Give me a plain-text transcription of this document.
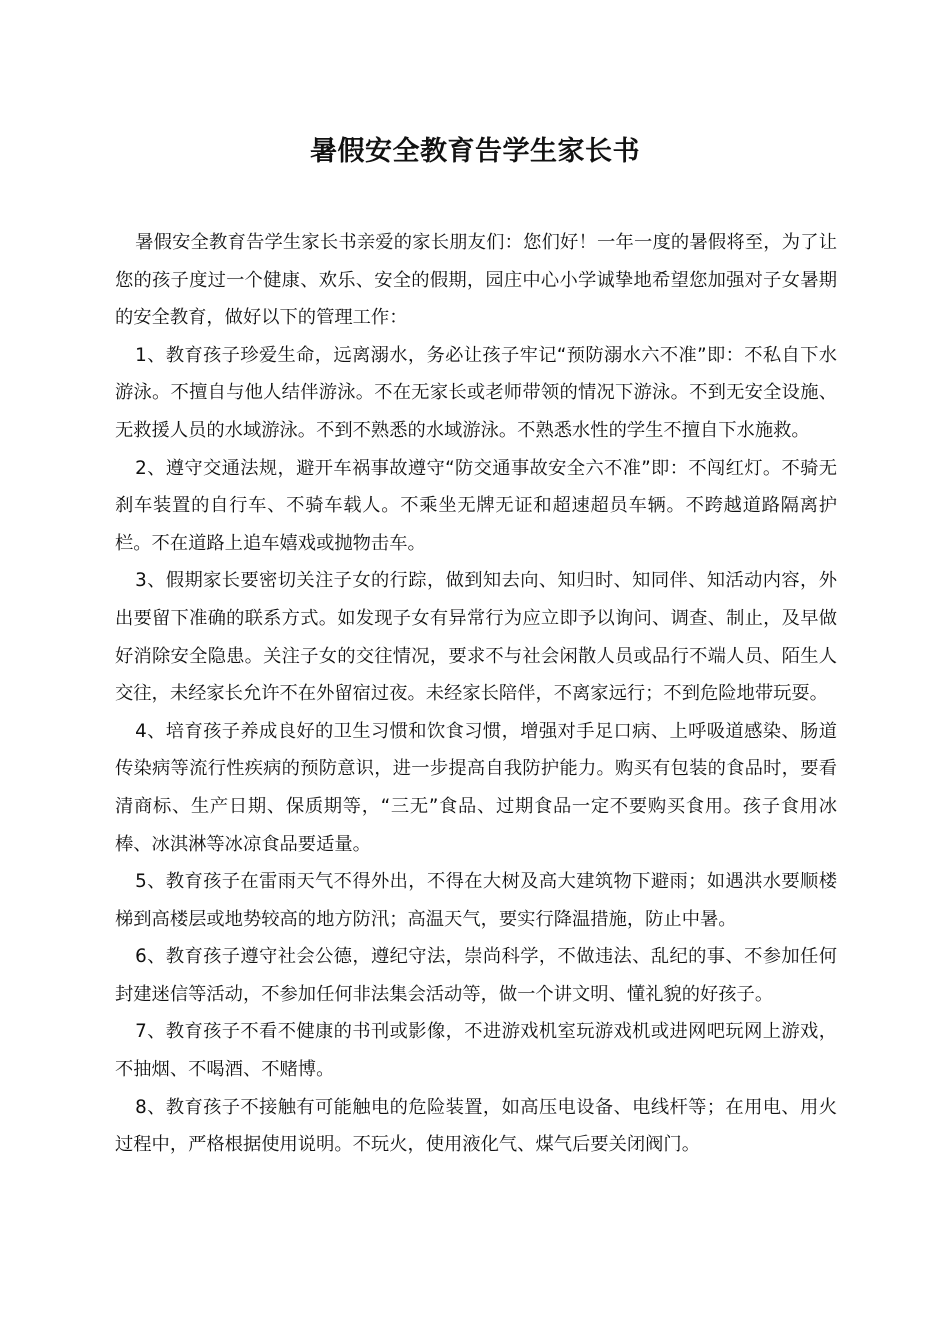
暑假安全教育告学生家长书

暑假安全教育告学生家长书亲爱的家长朋友们：您们好！一年一度的暑假将至，为了让您的孩子度过一个健康、欢乐、安全的假期，园庄中心小学诚挚地希望您加强对子女暑期的安全教育，做好以下的管理工作：

1、教育孩子珍爱生命，远离溺水，务必让孩子牢记“预防溺水六不准”即：不私自下水游泳。不擅自与他人结伴游泳。不在无家长或老师带领的情况下游泳。不到无安全设施、无救援人员的水域游泳。不到不熟悉的水域游泳。不熟悉水性的学生不擅自下水施救。

2、遵守交通法规，避开车祸事故遵守“防交通事故安全六不准”即：不闯红灯。不骑无刹车装置的自行车、不骑车载人。不乘坐无牌无证和超速超员车辆。不跨越道路隔离护栏。不在道路上追车嬉戏或抛物击车。

3、假期家长要密切关注子女的行踪，做到知去向、知归时、知同伴、知活动内容，外出要留下准确的联系方式。如发现子女有异常行为应立即予以询问、调查、制止，及早做好消除安全隐患。关注子女的交往情况，要求不与社会闲散人员或品行不端人员、陌生人交往，未经家长允许不在外留宿过夜。未经家长陪伴，不离家远行；不到危险地带玩耍。

4、培育孩子养成良好的卫生习惯和饮食习惯，增强对手足口病、上呼吸道感染、肠道传染病等流行性疾病的预防意识，进一步提高自我防护能力。购买有包装的食品时，要看清商标、生产日期、保质期等，“三无”食品、过期食品一定不要购买食用。孩子食用冰棒、冰淇淋等冰凉食品要适量。

5、教育孩子在雷雨天气不得外出，不得在大树及高大建筑物下避雨；如遇洪水要顺楼梯到高楼层或地势较高的地方防汛；高温天气，要实行降温措施，防止中暑。

6、教育孩子遵守社会公德，遵纪守法，崇尚科学，不做违法、乱纪的事、不参加任何封建迷信等活动，不参加任何非法集会活动等，做一个讲文明、懂礼貌的好孩子。

7、教育孩子不看不健康的书刊或影像，不进游戏机室玩游戏机或进网吧玩网上游戏，不抽烟、不喝酒、不赌博。

8、教育孩子不接触有可能触电的危险装置，如高压电设备、电线杆等；在用电、用火过程中，严格根据使用说明。不玩火，使用液化气、煤气后要关闭阀门。
